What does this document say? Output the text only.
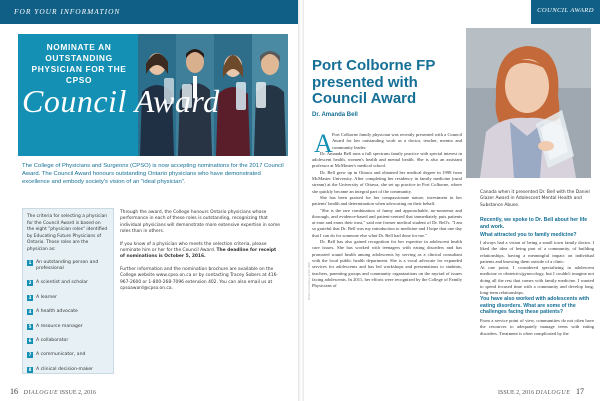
FOR YOUR INFORMATION
NOMINATE AN OUTSTANDING PHYSICIAN FOR THE CPSO
Council Award

The College of Physicians and Surgeons (CPSO) is now accepting nominations for the 2017 Council Award. The Council Award honours outstanding Ontario physicians who have demonstrated excellence and embody society's vision of an "ideal physician".

The criteria for selecting a physician for the Council Award is based on the eight "physician roles" identified by Educating Future Physicians of Ontario. Those roles are the physician as:

1	An outstanding person and professional
2	A scientist and scholar
3	A learner
4	A health advocate
5	A resource manager
6	A collaborator
7	A communicator, and
8	A clinical decision-maker

Through the award, the College honours Ontario physicians whose performance in each of these roles is outstanding, recognizing that individual physicians will demonstrate more extensive expertise in some roles than in others.

If you know of a physician who meets the selection criteria, please nominate him or her for the Council Award. The deadline for receipt of nominations is October 5, 2016.

Further information and the nomination brochure are available on the College website www.cpso.on.ca or by contacting Tracey Sobers at 416-967-2600 or 1-800-268-7096 extension 402. You can also email us at cpsoaward@cpso.on.ca.

16 DIALOGUE ISSUE 2, 2016
COUNCIL AWARD
Port Colborne FP presented with Council Award
Dr. Amanda Bell
A Port Colborne family physician was recently presented with a Council Award for her outstanding work as a doctor, teacher, mentor and community leader.

Dr. Amanda Bell runs a full spectrum family practice with special interest in adolescent health, women's health and mental health. She is also an assistant professor at McMaster's medical school.

Dr. Bell grew up in Ottawa and obtained her medical degree in 1998 from McMaster University. After completing her residency in family medicine (rural stream) at the University of Ottawa, she set up practice in Port Colborne, where she quickly became an integral part of the community.

She has been praised for her compassionate nature, investment in her patients' health and determination when advocating on their behalf.

"She is the rare combination of funny and approachable, no-nonsense and thorough, and evidence-based and patient-centred that immediately puts patients at ease and earns their trust," said one former medical student of Dr. Bell's. "I am so grateful that Dr. Bell was my introduction to medicine and I hope that one day that I can do for someone else what Dr. Bell had done for me."

Dr. Bell has also gained recognition for her expertise in adolescent health care issues. She has worked with teenagers with eating disorders and has promoted sound health among adolescents by serving as a clinical consultant with the local public health department. She is a vocal advocate for expanded services for adolescents and has led workshops and presentations to students, teachers, parenting groups and community organizations on the myriad of issues facing adolescents. In 2011, her efforts were recognized by the College of Family Physicians of

Canada when it presented Dr. Bell with the Daniel Glazer Award in Adolescent Mental Health and Substance Abuse.

Recently, we spoke to Dr. Bell about her life and work.

What attracted you to family medicine?

I always had a vision of being a small town family doctor. I liked the idea of being part of a community, of building relationships, having a meaningful impact on individual patients and knowing them outside of a clinic.

At one point, I considered specializing in adolescent medicine or obstetrics/gynecology, but I couldn't imagine not doing all the rest that comes with family medicine. I wanted to spend focused time with a community and develop long, long-term relationships.

You have also worked with adolescents with eating disorders. What are some of the challenges facing these patients?

From a service point of view, communities do not often have the resources to adequately manage teens with eating disorders. Treatment is often complicated by the

Photo courtesy of Dr. Bell
ISSUE 2, 2016 DIALOGUE 17
